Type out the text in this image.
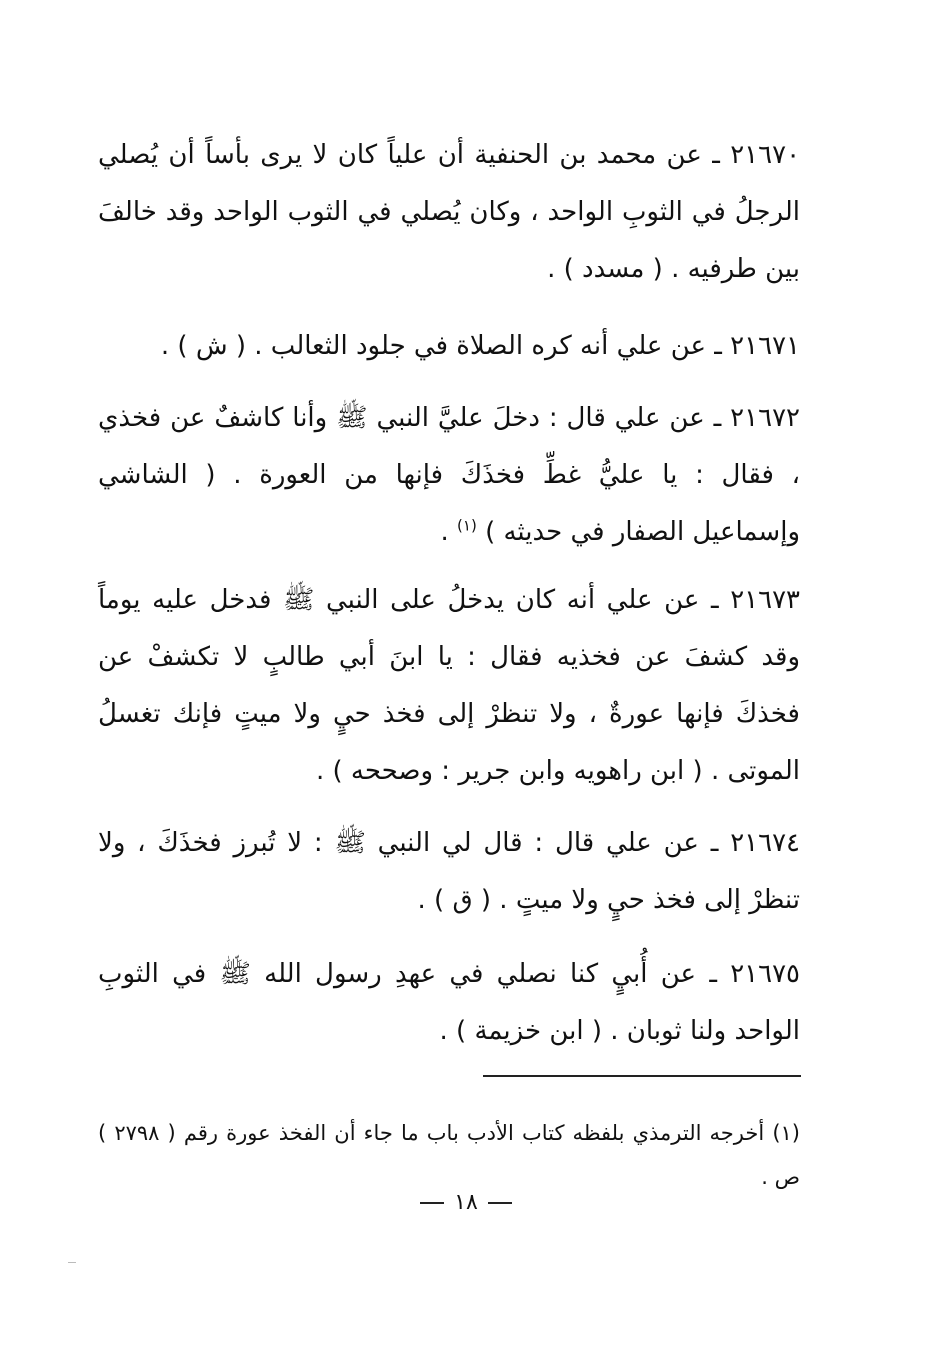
٢١٦٧٠ ـ عن محمد بن الحنفية أن علياً كان لا يرى بأساً أن يُصلي الرجلُ في الثوبِ الواحد ، وكان يُصلي في الثوب الواحد وقد خالفَ بين طرفيه . ( مسدد ) .

٢١٦٧١ ـ عن علي أنه كره الصلاة في جلود الثعالب . ( ش ) .

٢١٦٧٢ ـ عن علي قال : دخلَ عليَّ النبي ﷺ وأنا كاشفٌ عن فخذي ، فقال : يا عليُّ غطِّ فخذَكَ فإنها من العورة . ( الشاشي وإسماعيل الصفار في حديثه ) $^{(١)}$ .

٢١٦٧٣ ـ عن علي أنه كان يدخلُ على النبي ﷺ فدخل عليه يوماً وقد كشفَ عن فخذيه فقال : يا ابنَ أبي طالبٍ لا تكشفْ عن فخذكَ فإنها عورةٌ ، ولا تنظرْ إلى فخذ حيٍ ولا ميتٍ فإنك تغسلُ الموتى . ( ابن راهويه وابن جرير : وصححه ) .

٢١٦٧٤ ـ عن علي قال : قال لي النبي ﷺ : لا تُبرز فخذَكَ ، ولا تنظرْ إلى فخذ حيٍ ولا ميتٍ . ( ق ) .

٢١٦٧٥ ـ عن أُبيٍ كنا نصلي في عهدِ رسول الله ﷺ في الثوبِ الواحد ولنا ثوبان . ( ابن خزيمة ) .

(١) أخرجه الترمذي بلفظه كتاب الأدب باب ما جاء أن الفخذ عورة رقم ( ٢٧٩٨ ) ص .

١٨
